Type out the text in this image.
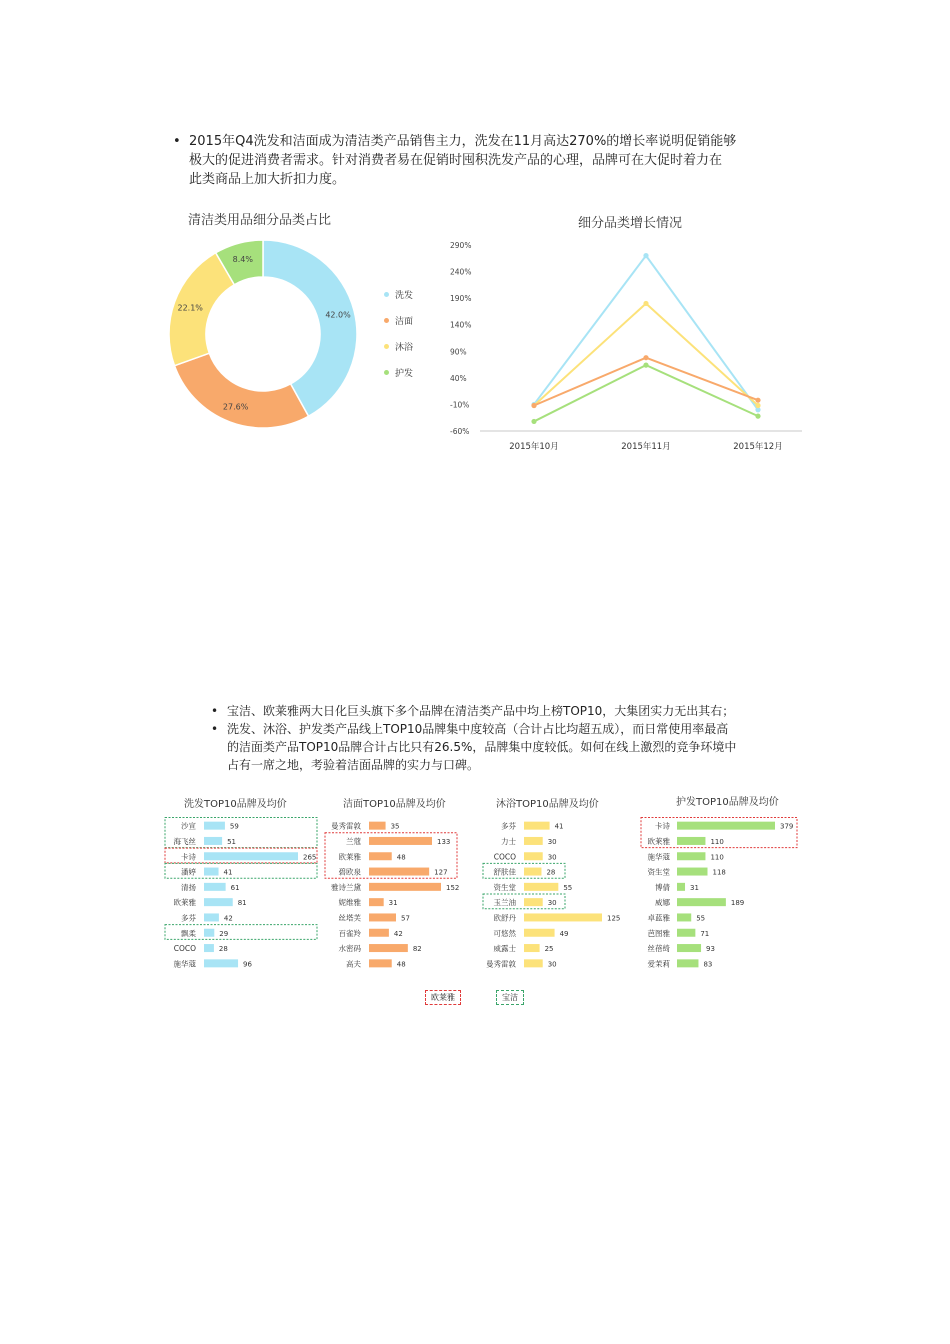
• 2015年Q4洗发和洁面成为清洁类产品销售主力，洗发在11月高达270%的增长率说明促销能够
极大的促进消费者需求。针对消费者易在促销时囤积洗发产品的心理，品牌可在大促时着力在
此类商品上加大折扣力度。
清洁类用品细分品类占比
42.0%
27.6%
22.1%
8.4%
洗发
洁面
沐浴
护发
细分品类增长情况
290%
240%
190%
140%
90%
40%
-10%
-60%
2015年10月	2015年11月	2015年12月
• 宝洁、欧莱雅两大日化巨头旗下多个品牌在清洁类产品中均上榜TOP10，大集团实力无出其右；
• 洗发、沐浴、护发类产品线上TOP10品牌集中度较高（合计占比均超五成），而日常使用率最高
的洁面类产品TOP10品牌合计占比只有26.5%，品牌集中度较低。如何在线上激烈的竞争环境中
占有一席之地，考验着洁面品牌的实力与口碑。
洗发TOP10品牌及均价
沙宣	59
海飞丝	51
卡诗	265
潘婷	41
清扬	61
欧莱雅	81
多芬	42
飘柔	29
COCO	28
施华蔻	96
洁面TOP10品牌及均价
曼秀雷敦	35
兰蔻	133
欧莱雅	48
碧欧泉	127
雅诗兰黛	152
妮维雅	31
丝塔芙	57
百雀羚	42
水密码	82
高夫	48
沐浴TOP10品牌及均价
多芬	41
力士	30
COCO	30
舒肤佳	28
资生堂	55
玉兰油	30
欧舒丹	125
可悠然	49
威露士	25
曼秀雷敦	30
护发TOP10品牌及均价
卡诗	379
欧莱雅	110
施华蔻	110
资生堂	118
博倩	31
威娜	189
卓蓝雅	55
芭图雅	71
丝蓓绮	93
爱茉莉	83
欧莱雅	宝洁
